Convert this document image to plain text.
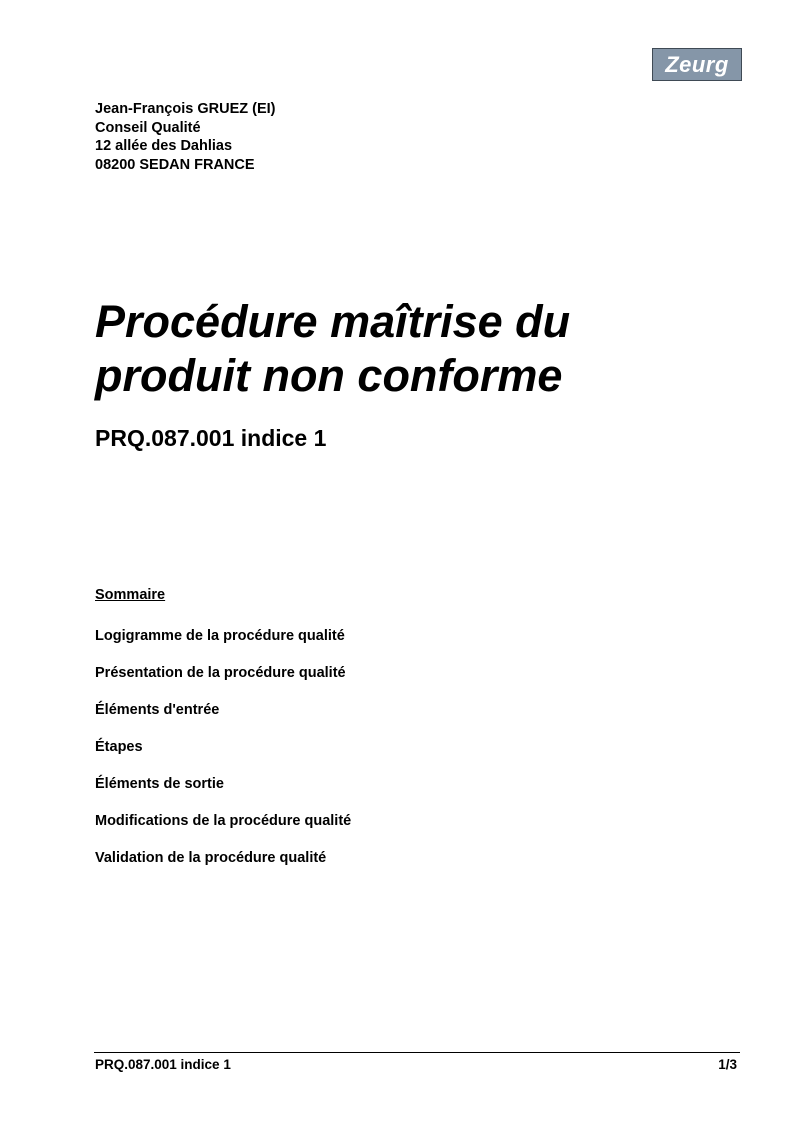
Zeurg
Jean-François GRUEZ (EI)
Conseil Qualité
12 allée des Dahlias
08200 SEDAN FRANCE
Procédure maîtrise du produit non conforme
PRQ.087.001 indice 1
Sommaire
Logigramme de la procédure qualité
Présentation de la procédure qualité
Éléments d'entrée
Étapes
Éléments de sortie
Modifications de la procédure qualité
Validation de la procédure qualité
PRQ.087.001 indice 1	1/3
